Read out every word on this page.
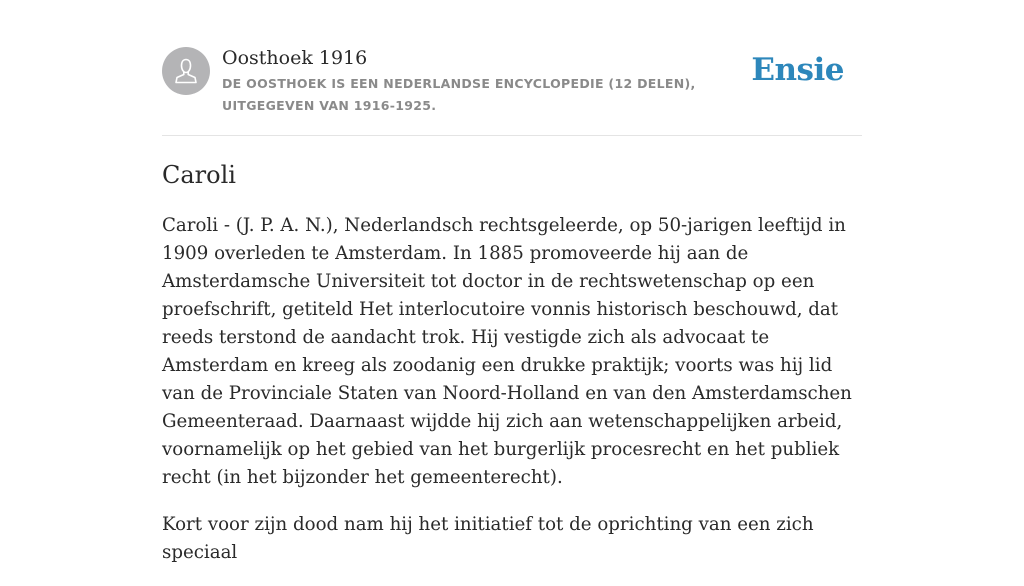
Oosthoek 1916

DE OOSTHOEK IS EEN NEDERLANDSE ENCYCLOPEDIE (12 DELEN), UITGEGEVEN VAN 1916-1925.

Ensie
Caroli

Caroli - (J. P. A. N.), Nederlandsch rechtsgeleerde, op 50-jarigen leeftijd in 1909 overleden te Amsterdam. In 1885 promoveerde hij aan de Amsterdamsche Universiteit tot doctor in de rechtswetenschap op een proefschrift, getiteld Het interlocutoire vonnis historisch beschouwd, dat reeds terstond de aandacht trok. Hij vestigde zich als advocaat te Amsterdam en kreeg als zoodanig een drukke praktijk; voorts was hij lid van de Provinciale Staten van Noord-Holland en van den Amsterdamschen Gemeenteraad. Daarnaast wijdde hij zich aan wetenschappelijken arbeid, voornamelijk op het gebied van het burgerlijk procesrecht en het publiek recht (in het bijzonder het gemeenterecht).

Kort voor zijn dood nam hij het initiatief tot de oprichting van een zich speciaal
